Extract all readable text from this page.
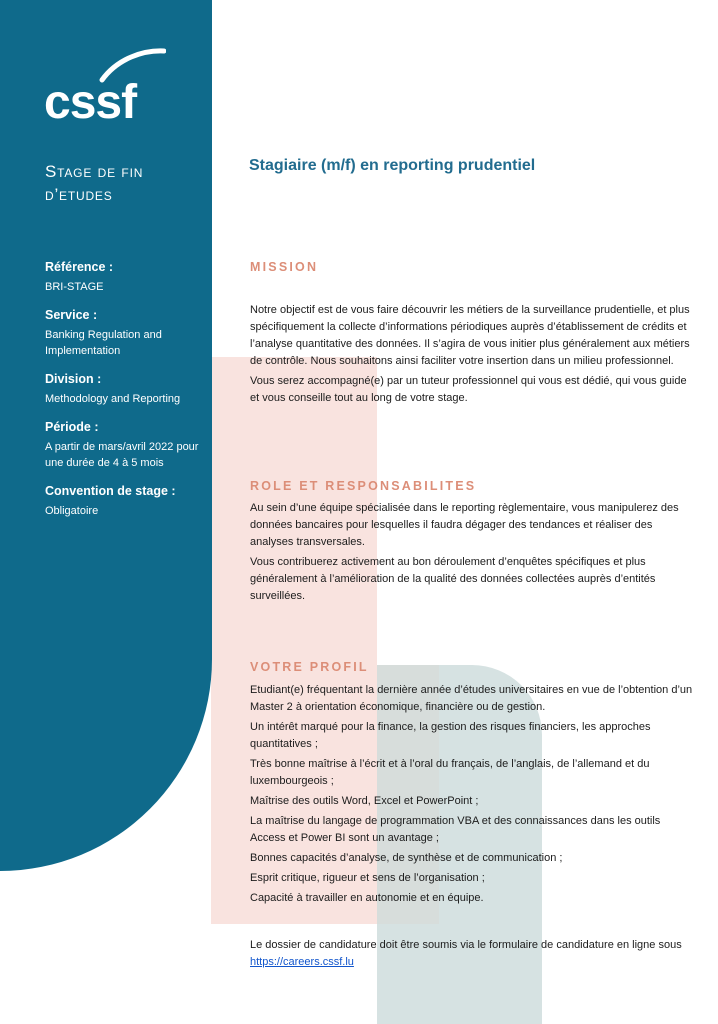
cssf
Stage de fin d’etudes
Référence :
BRI-STAGE
Service :
Banking Regulation and Implementation
Division :
Methodology and Reporting
Période :
A partir de mars/avril 2022 pour une durée de 4 à 5 mois
Convention de stage :
Obligatoire
Stagiaire (m/f) en reporting prudentiel
MISSION

Notre objectif est de vous faire découvrir les métiers de la surveillance prudentielle, et plus spécifiquement la collecte d’informations périodiques auprès d’établissement de crédits et l’analyse quantitative des données. Il s’agira de vous initier plus généralement aux métiers de contrôle. Nous souhaitons ainsi faciliter votre insertion dans un milieu professionnel.

Vous serez accompagné(e) par un tuteur professionnel qui vous est dédié, qui vous guide et vous conseille tout au long de votre stage.

ROLE ET RESPONSABILITES

Au sein d’une équipe spécialisée dans le reporting règlementaire, vous manipulerez des données bancaires pour lesquelles il faudra dégager des tendances et réaliser des analyses transversales.

Vous contribuerez activement au bon déroulement d’enquêtes spécifiques et plus généralement à l’amélioration de la qualité des données collectées auprès d’entités surveillées.

VOTRE PROFIL

Etudiant(e) fréquentant la dernière année d’études universitaires en vue de l’obtention d’un Master 2 à orientation économique, financière ou de gestion.

Un intérêt marqué pour la finance, la gestion des risques financiers, les approches quantitatives ;

Très bonne maîtrise à l’écrit et à l’oral du français, de l’anglais, de l’allemand et du luxembourgeois ;

Maîtrise des outils Word, Excel et PowerPoint ;

La maîtrise du langage de programmation VBA et des connaissances dans les outils Access et Power BI sont un avantage ;

Bonnes capacités d’analyse, de synthèse et de communication ;

Esprit critique, rigueur et sens de l’organisation ;

Capacité à travailler en autonomie et en équipe.

Le dossier de candidature doit être soumis via le formulaire de candidature en ligne sous https://careers.cssf.lu
